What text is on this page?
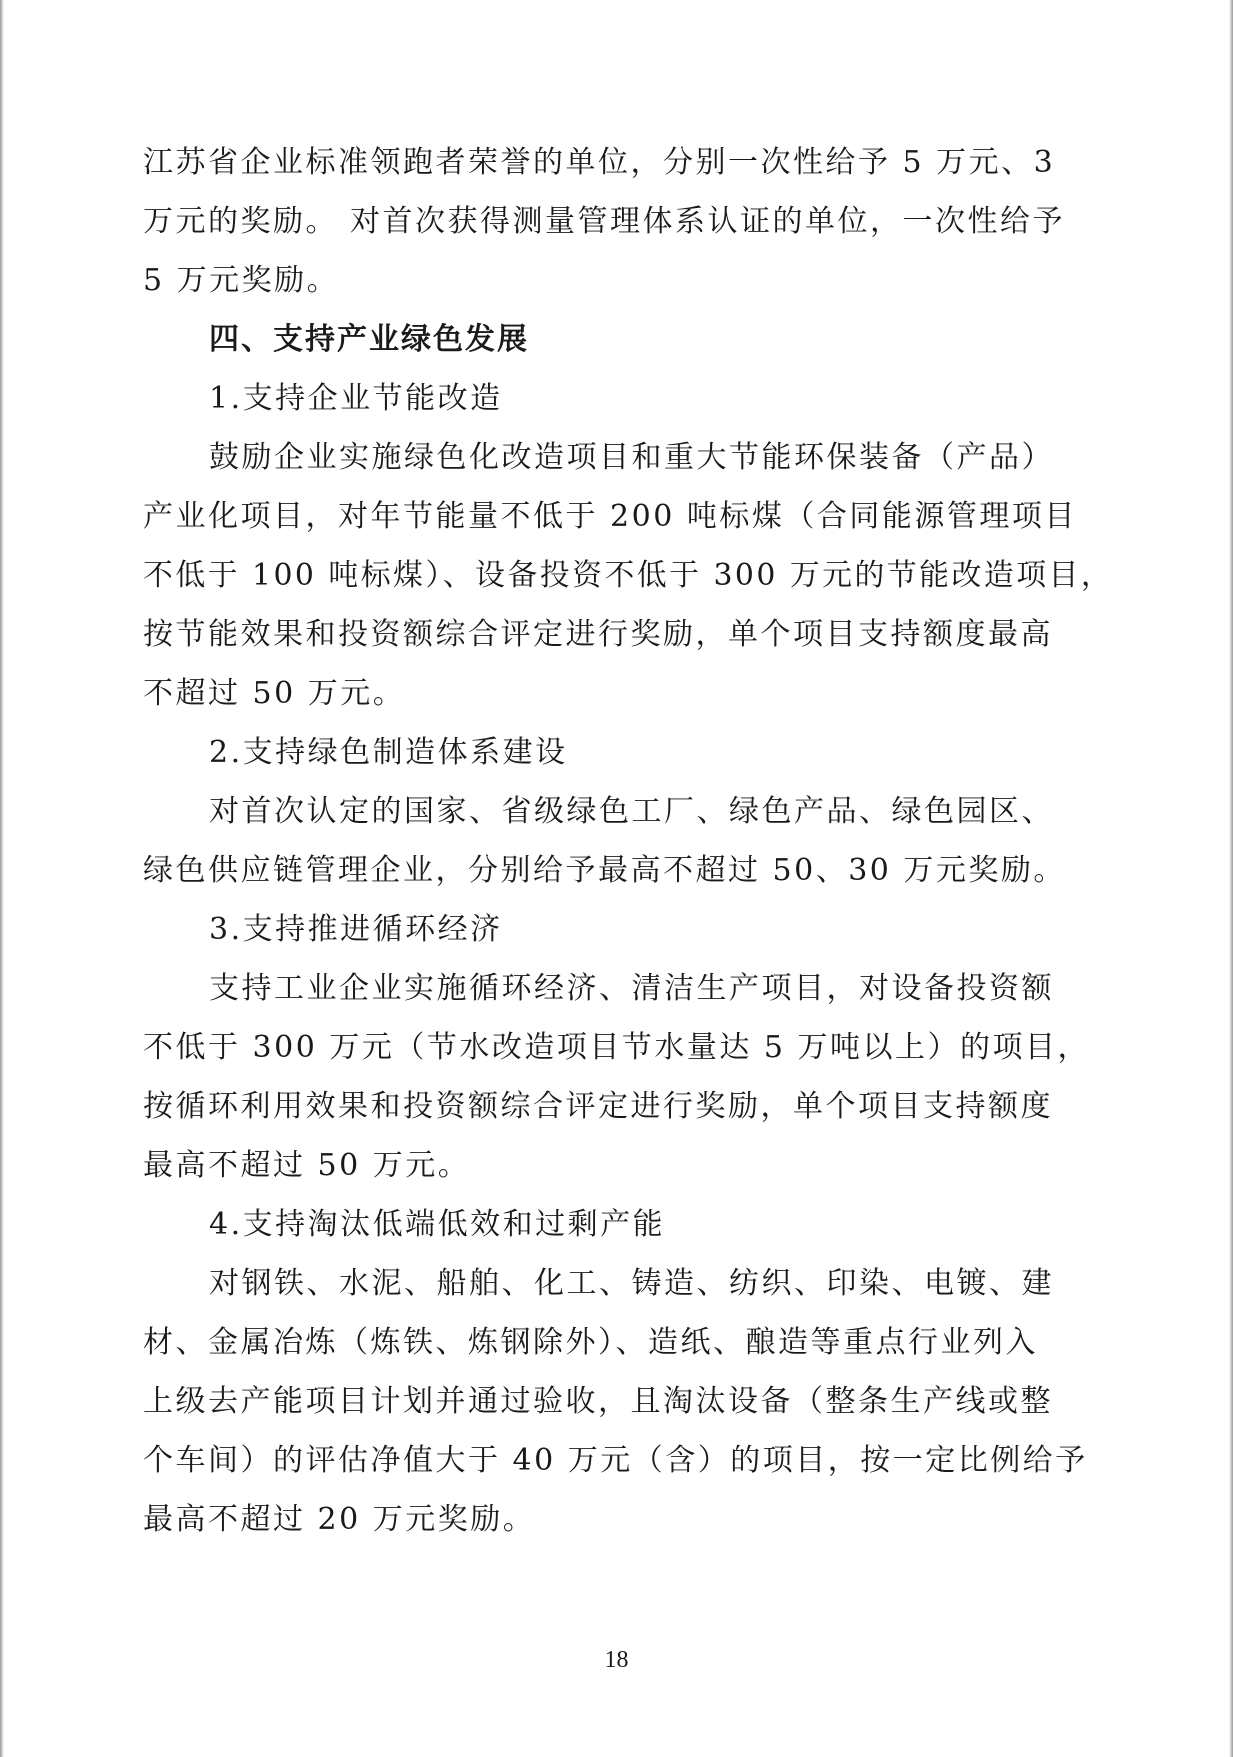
江苏省企业标准领跑者荣誉的单位，分别一次性给予 5 万元、3
万元的奖励。 对首次获得测量管理体系认证的单位，一次性给予
5 万元奖励。
四、支持产业绿色发展
1.支持企业节能改造
鼓励企业实施绿色化改造项目和重大节能环保装备（产品）
产业化项目，对年节能量不低于 200 吨标煤（合同能源管理项目
不低于 100 吨标煤）、设备投资不低于 300 万元的节能改造项目，
按节能效果和投资额综合评定进行奖励，单个项目支持额度最高
不超过 50 万元。
2.支持绿色制造体系建设
对首次认定的国家、省级绿色工厂、绿色产品、绿色园区、
绿色供应链管理企业，分别给予最高不超过 50、30 万元奖励。
3.支持推进循环经济
支持工业企业实施循环经济、清洁生产项目，对设备投资额
不低于 300 万元（节水改造项目节水量达 5 万吨以上）的项目，
按循环利用效果和投资额综合评定进行奖励，单个项目支持额度
最高不超过 50 万元。
4.支持淘汰低端低效和过剩产能
对钢铁、水泥、船舶、化工、铸造、纺织、印染、电镀、建
材、金属冶炼（炼铁、炼钢除外）、造纸、酿造等重点行业列入
上级去产能项目计划并通过验收，且淘汰设备（整条生产线或整
个车间）的评估净值大于 40 万元（含）的项目，按一定比例给予
最高不超过 20 万元奖励。
18
